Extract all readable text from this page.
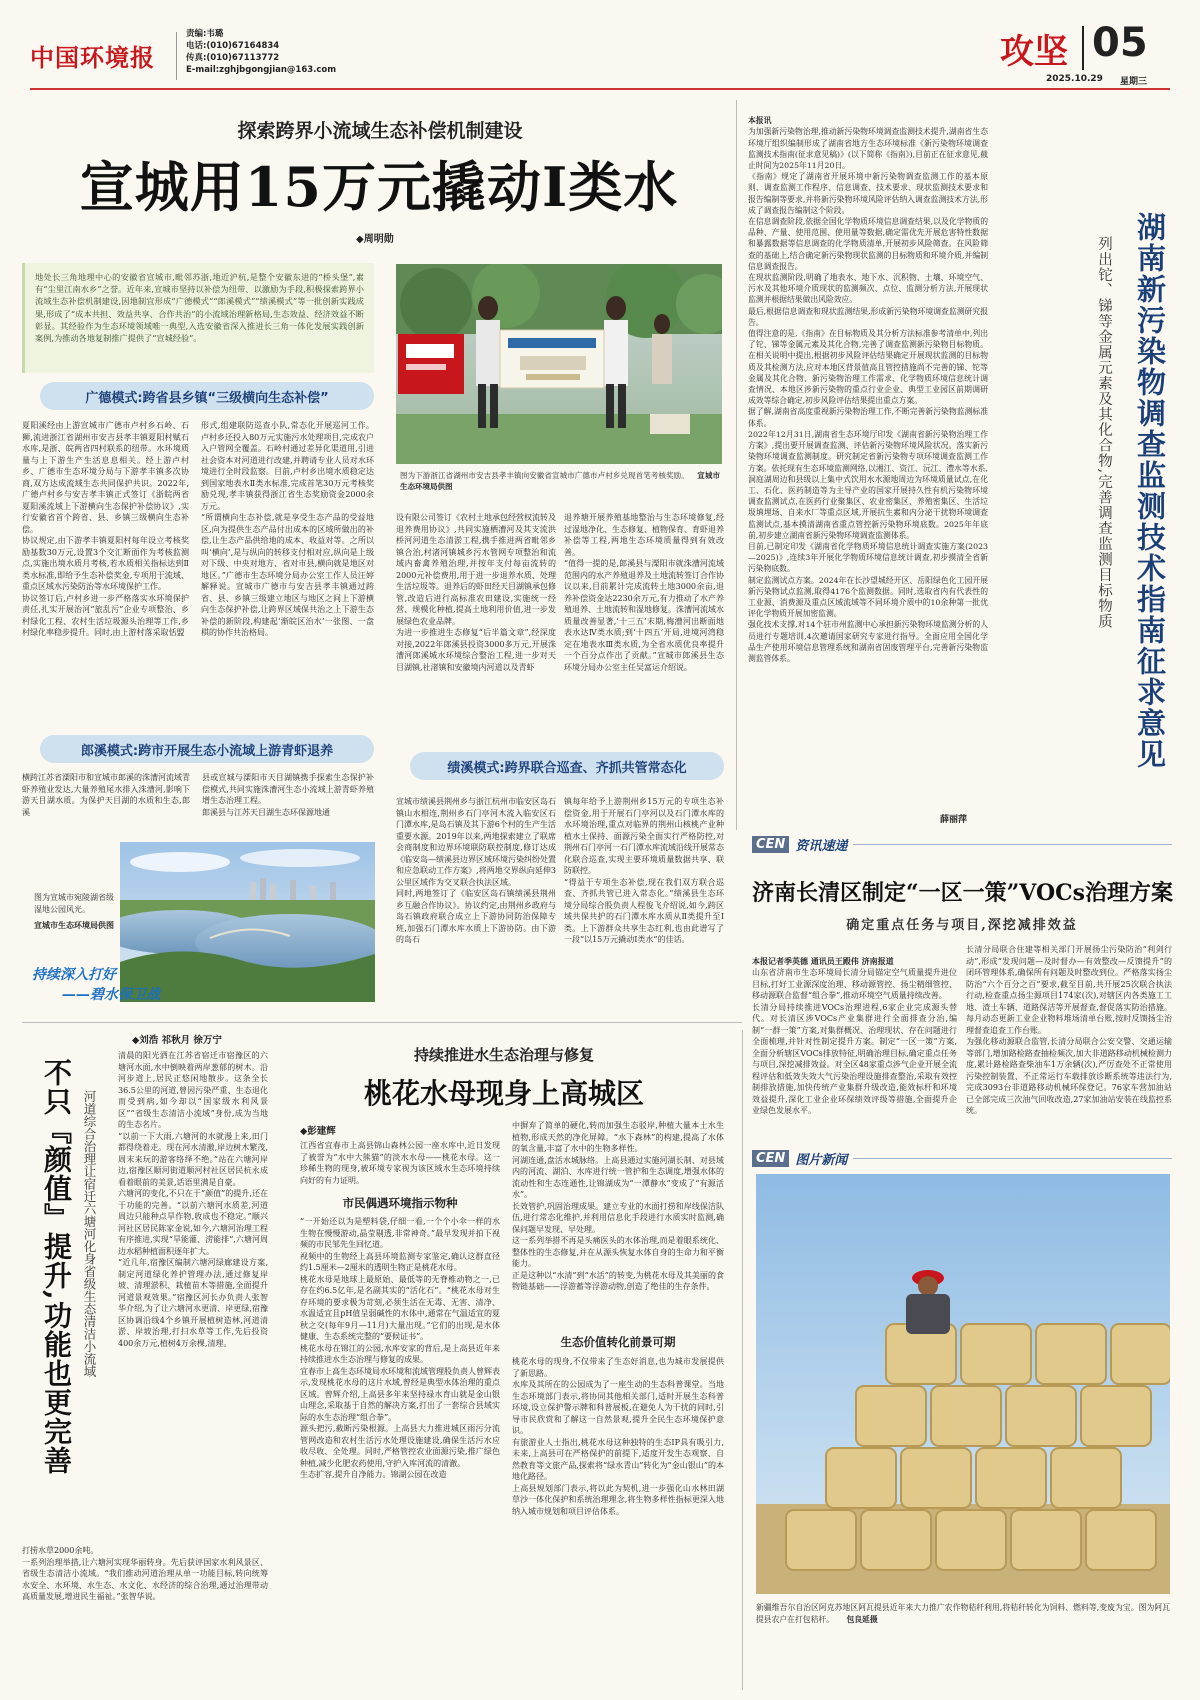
中国环境报
责编:韦璐
电话:(010)67164834
传真:(010)67113772
E-mail:zghjbgongjian@163.com	攻坚 05
2025.10.29 星期三
探索跨界小流域生态补偿机制建设
宣城用15万元撬动Ⅰ类水
◆周明勋
地处长三角地理中心的安徽省宣城市,毗邻苏浙,地近沪杭,是整个安徽东进的“桥头堡”,素有“尘里江南水乡”之誉。近年来,宣城市坚持以补偿为纽带、以激励为手段,积极探索跨界小流域生态补偿机制建设,因地制宜形成“广德模式”“郎溪模式”“绩溪模式”等一批创新实践成果,形成了“成本共担、效益共享、合作共治”的小流域治理新格局,生态效益、经济效益不断彰显。其经验作为生态环境领域唯一典型,入选安徽省深入推进长三角一体化发展实践创新案例,为推动各地复制推广提供了“宣城经验”。
图为下游浙江省湖州市安吉县孝丰镇向安徽省宣城市广德市卢村乡兑现首笔考核奖励。 宣城市生态环境局供图
广德模式:跨省县乡镇“三级横向生态补偿”
夏阳溪经由上游宣城市广德市卢村乡石岭、石狮,流进浙江省湖州市安吉县孝丰镇夏阳村赋石水库,是浙、皖两省四村联系的纽带。水环境质量与上下游生产生活息息相关。经上游卢村乡、广德市生态环境分局与下游孝丰镇多次协商,双方达成流域生态共同保护共识。2022年,广德卢村乡与安吉孝丰镇正式签订《浙皖两省夏阳溪流域上下游横向生态保护补偿协议》,实行安徽省首个跨省、县、乡镇三级横向生态补偿。
协议规定,由下游孝丰镇夏阳村每年设立考核奖励基数30万元,设置3个交汇断面作为考核监测点,实施出境水质月考核,若水质相关指标达到Ⅱ类水标准,即给予生态补偿奖金,专项用于流域、重点区域水污染防治等水环境保护工作。
协议签订后,卢村乡进一步严格落实水环境保护责任,扎实开展治河“旅乱污”企业专项整治、乡村绿化工程、农村生活垃圾源头治理等工作,乡村绿化率稳步提升。同时,由上游村落采取恬盟
形式,组建联防巡查小队,常态化开展巡河工作。卢村乡还投入80万元实施污水处理项目,完成农户入户管网全覆盖。石岭村通过差异化渠道用,引进社会资本对河道进行改建,并聘请专业人员对水环境进行全时段监察。目前,卢村乡出境水质稳定达到国家地表水Ⅱ类水标准,完成首笔30万元考核奖励兑现,孝丰镇获得浙江省生态奖励资金2000余万元。
“所谓横向生态补偿,就是享受生态产品的受益地区,向为提供生态产品付出成本的区域所做出的补偿,让生态产品供给地的成本、收益对等。之所以叫‘横向’,是与纵向的转移支付相对应,纵向是上级对下级、中央对地方、省对市县,横向就是地区对地区。”广德市生态环境分局办公室工作人员汪婷解释说。宣城市广德市与安吉县孝丰镇通过跨省、县、乡镇三级建立地区与地区之间上下游横向生态保护补偿,让跨界区域保共治之上下游生态补偿的新阶段,构建起‘渐皖区治水’一张图、一盘棋的协作共治格局。
设有限公司签订《农村土地承包经营权流转及退养费用协议》,共同实施栖漕河及其支流洪桥河河道生态清淤工程,携手推进两省毗邻乡镇合治,村渚河镇城乡污水管网专项整治和流域内畜禽养殖治理,并按年支付每亩流转的2000元补偿费用,用于进一步退养水质、处理生活垃圾等。退养后的虾田经天目湖镇承包修管,改造后进行高标准农田建设,实施统一经营、规模化种植,提高土地利用价值,进一步发展绿色农业品牌。
为进一步推进生态修复“后半篇文章”,经深度对接,2022年郎溪县投资3000多万元,开展洙漕河郎溪城水环境综合整治工程,进一步对天目湖镇,社渚镇和安徽境内河道以及青虾
退养塘开展养殖基地整治与生态环境修复,经过湿地净化、生态修复、植物保育、育虾退养补偿等工程,两地生态环境质量得到有效改善。
“值得一提的是,郎溪县与溧阳市就洙漕河流域范围内的水产养殖退养及土地流转签订合作协议以来,目前累计完成流转土地3000余亩,退养补偿资金达2230余万元,有力推动了水产养殖退养、土地流转和湿地修复。洙漕河流域水质量改善显著,‘十三五’末期,梅漕河出断面地表水达Ⅳ类水质;到‘十四五’开局,进境河湾稳定在地表水Ⅲ类水质,为全省水质优良率提升一个百分点作出了贡献。”宣城市郎溪县生态环境分局办公室主任吴富运介绍说。
郎溪模式:跨市开展生态小流域上游青虾退养
横跨江苏省溧阳市和宣城市郎溪的洙漕河流域青虾养殖业发达,大量养殖尾水排入洙漕河,影响下游天目湖水质。为保护天目湖的水质和生态,郎溪
县或宣城与溧阳市天目湖镇携手探索生态保护补偿模式,共同实施洙漕河生态小流域上游青虾养殖增生态治理工程。
郎溪县与江苏天目湖生态环保源地通
图为宣城市宛陵湖省级湿地公园风光。
宣城市生态环境局供图
持续深入打好
——碧水保卫战
绩溪模式:跨界联合巡查、齐抓共管常态化
宣城市绩溪县荆州乡与浙江杭州市临安区岛石镇山水相连,荆州乡石门亭河木流入临安区石门潭水库,是岛石镇及其下游6个村的生产生活重要水源。2019年以来,两地探索建立了联席会商制度和边界环境联防联控制度,修订达成《临安岛—绩溪县边界区域环境污染纠纷处置和应急联动工作方案》,将两地交界纵向延伸3公里区域作为交叉联合执法区域。
同时,两地签订了《临安区岛石镇绩溪县荆州乡互融合作协议》。协议约定,由荆州乡政府与岛石镇政府联合成立上下游协同防治保障专班,加强石门潭水库水质上下游协防。由下游的岛石
镇每年给予上游荆州乡15万元的专项生态补偿资金,用于开展石门亭河以及石门潭水库的水环境治理,重点对临界的荆州山核桃产业种植水土保持、面源污染全面实行严格防控,对荆州石门亭河一石门潭水库流域沿线开展常态化联合巡查,实现主要环境质量数据共享、联防联控。
“得益于专项生态补偿,现在我们双方联合巡查、齐抓共管已进入常态化。”绩溪县生态环境分局综合股负责人程俊飞介绍说,如今,跨区域共保共护的石门潭水库水质从Ⅱ类提升至Ⅰ类。上下游群众共享生态红利,也由此谱写了一段“以15万元撬动Ⅰ类水”的佳话。

本报讯
为加强新污染物治理,推动新污染物环境调查监测技术提升,湖南省生态环境厅组织编制形成了湖南省地方生态环境标准《新污染物环境调查监测技术指南(征求意见稿)》(以下简称《指南》),目前正在征求意见,截止时间为2025年11月20日。
《指南》规定了湖南省开展环境中新污染物调查监测工作的基本原则、调查监测工作程序、信息调查、技术要求、现状监测技术要求和报告编制等要求,并将新污染物环境风险评估纳入调查监测技术方法,形成了调查报告编制这个阶段。
在信息调查阶段,依据全国化学物质环境信息调查结果,以及化学物质的品种、产量、使用范围、使用量等数据,确定需优先开展危害特性数据和暴露数据等信息调查的化学物质清单,开展初步风险筛查。在风险筛查的基础上,结合确定新污染物现状监测的目标物质和环境介质,并编制信息调查报告。
在现状监测阶段,明确了地表水、地下水、沉积物、土壤、环境空气、污水及其他环境介质现状的监测频次、点位、监测分析方法,开展现状监测并根据结果做出风险效应。
最后,根据信息调查和现状监测结果,形成新污染物环境调查监测研究报告。
值得注意的是,《指南》在目标物质及其分析方法标准参考清单中,列出了铊、锑等金属元素及其化合物,完善了调查监测新污染物目标物质。在相关说明中提出,根据初步风险评估结果确定开展现状监测的目标物质及其检测方法,应对本地区背景值高且管控措施尚不完善的锑、铊等金属及其化合物、新污染物治理工作需求、化学物质环境信息统计调查情况、本地区涉新污染物的重点行业企业、典型工业园区前期调研成效等综合确定,初步风险评估结果提出重点方案。
据了解,湖南省高度重视新污染物治理工作,不断完善新污染物监测标准体系。
2022年12月31日,湖南省生态环境厅印发《湖南省新污染物治理工作方案》,提出要开展调查监测、评估新污染物环境风险状况。落实新污染物环境调查监测制度。研究制定省新污染物专项环境调查监测工作方案。依托现有生态环境监测网络,以湘江、资江、沅江、澧水等水系,洞庭湖周边和县级以上集中式饮用水水源地周边为环境质量试点,在化工、石化、医药制造等为主导产业的国家开展持久性有机污染物环境调查监测试点,在医药行业聚集区、农业密集区、养殖密集区、生活垃圾填埋场、自来水厂等重点区域,开展抗生素和内分泌干扰物环境调查监测试点,基本摸清湖南省重点管控新污染物环境底数。2025年年底前,初步建立湖南省新污染物环境调查监测体系。
目前,已制定印发《湖南省化学物质环境信息统计调查实施方案(2023—2025)》,连续3年开展化学物质环境信息统计调查,初步摸清全省新污染物底数。
制定监测试点方案。2024年在长沙望城经开区、岳阳绿色化工园开展新污染物试点监测,取得4176个监测数据。同时,选取省内有代表性的工业源、消费源及重点区域流域等不同环境介质中的10余种第一批优评化学物质开展加密监测。
强化技术支撑,对14个驻市州监测中心承担新污染物环境监测分析的人员进行专题培训,4次邀请国家研究专家进行指导。全面应用全国化学品生产使用环境信息管理系统和湖南省固废管理平台,完善新污染物监测监管体系。

薛丽萍
湖南新污染物调查监测技术指南征求意见
列出铊、锑等金属元素及其化合物,完善调查监测目标物质
CEN 资讯速递
济南长清区制定“一区一策”VOCs治理方案
确定重点任务与项目,深挖减排效益

本报记者季英德 通讯员王殿伟 济南报道
山东省济南市生态环境局长清分局锚定空气质量提升进位目标,打好工业源深度治理、移动源管控、扬尘精细管控、移动源联合监督“组合拳”,推动环境空气质量持续改善。
长清分局持续推进VOCs治理进程,6家企业完成源头替代。对长清区涉VOCs产业集群进行全面排查分治,编制“一群一策”方案,对集群概况、治理现状、存在问题进行全面梳理,并针对性制定提升方案。制定“一区一策”方案,全面分析辖区VOCs排放特征,明确治理目标,确定重点任务与项目,深挖减排效益。对全区48家重点涉气企业开展全流程评估和低效失效大气污染治理设施排查整治,采取有效控制排放措施,加快传统产业集群升级改造,能效标杆和环境效益提升,深化工业企业环保绩效评级等措施,全面提升企业绿色发展水平。

长清分局联合住建等相关部门开展扬尘污染防治“利剑行动”,形成“发现问题—及时督办—有效整改—反馈提升”的闭环管理体系,确保所有问题及时整改到位。严格落实扬尘防治“六个百分之百”要求,截至目前,共开展25次联合执法行动,检查重点扬尘源项目174家(次),对辖区内各类施工工地、渣土车辆、道路保洁等开展督查,督促落实防治措施。每月动态更新工业企业物料堆场清单台账,按时反馈扬尘治理督查追查工作台账。
为强化移动源联合监管,长清分局联合公安交警、交通运输等部门,增加路检路查抽检频次,加大非道路移动机械检测力度,累计路检路查柴油车1万余辆(次),严厉查处不正常使用污染控制装置、不正常运行车载排放诊断系统等违法行为,完成3093台非道路移动机械环保登记。76家车营加油站已全部完成三次油气回收改造,27家加油站安装在线监控系统。
CEN 图片新闻
新疆维吾尔自治区阿克苏地区阿瓦提县近年来大力推广农作物秸秆利用,将秸秆转化为饲料、燃料等,变废为宝。图为阿瓦提县农户在打包秸秆。 包良延摄
◆刘浩 祁秋月 徐万宁
不只『颜值』提升,功能也更完善 河道综合治理让宿迁六塘河化身省级生态清洁小流域
清晨的阳光洒在江苏省宿迁市宿豫区的六塘河水面,水中倒映着两岸葱郁的树木。沿河步道上,居民正悠闲地散步。这条全长36.5公里的河道,曾因污染严重、生态退化而受到病,如今却以“国家级水利风景区”“省级生态清洁小流域”身份,成为当地的生态名片。
“以前一下大雨,六塘河的水就漫上来,田门都得绕着走。现在河水清澈,岸边树木繁茂,周末来玩的游客络绎不绝。”站在六塘河岸边,宿豫区顺河街道顺河村社区居民杭永成看着眼前的美景,话语里满是自豪。
六塘河的变化,不只在于“颜值”的提升,还在于功能的完善。“以前六塘河水质差,河道周边只能种点旱作物,收成也不稳定。”顺兴河社区居民陈家金说,如今,六塘河治理工程有序推进,实现“旱能灌、涝能排”,六塘河周边水稻种植面积逐年扩大。
“近几年,宿豫区编制六塘河绿廊建设方案,制定河道绿化养护管理办法,通过修复岸坡、清理淤积、栽植苗木等措施,全面提升河道景观效果。”宿豫区河长办负责人张智华介绍,为了让六塘河水更清、岸更绿,宿豫区协调沿线4个乡镇开展植树造林,河道清淤、岸坡治理,打扫水草等工作,先后投资400余万元,植树4万余棵,清理。
打捞水草2000余吨。
一系列治理举措,让六塘河实现华丽转身。先后获评国家水利风景区、省级生态清洁小流域。“我们推动河道治理从单一功能目标,转向统筹水安全、水环境、水生态、水文化、水经济的综合治理,通过治理带动高质量发展,增进民生福祉。”张智华说。
持续推进水生态治理与修复
桃花水母现身上高城区
◆彭建辉
江西省宜春市上高县锦山森林公园一座水库中,近日发现了被誉为“水中大熊猫”的淡水水母——桃花水母。这一珍稀生物的现身,被环境专家视为该区域水生态环境持续向好的有力证明。
市民偶遇环境指示物种
“一开始还以为是塑料袋,仔细一看,一个个小伞一样的水生物在慢慢游动,晶莹剔透,非常神奇。”最早发现并拍下视频的市民邹先生回忆道。
视频中的生物经上高县环境监测专家鉴定,确认这群直径约1.5厘米—2厘米的透明生物正是桃花水母。
桃花水母是地球上最原始、最低等的无脊椎动物之一,已存在约6.5亿年,是名副其实的“活化石”。“桃花水母对生存环境的要求极为苛刻,必须生活在无毒、无害、清净、水温适宜且pH值呈弱碱性的水体中,通常在气温适宜的夏秋之交(每年9月—11月)大量出现。”它们的出现,是水体健康、生态系统完整的“要候证书”。
桃花水母在锦江的公园,水库安家的背后,是上高县近年来持续推进水生态治理与修复的成果。
宜春市上高生态环境局水环境和流域管理股负责人曾辉表示,发现桃花水母的这片水域,曾经是典型水体治理的重点区域。曾辉介绍,上高县多年来坚持禄水育山就是金山银山理念,采取基于自然的解决方案,打出了一套综合县域实际的水生态治理“组合拳”。
源头把污,截断污染根源。上高县大力推进城区雨污分流管网改造和农村生活污水处理设施建设,确保生活污水应收尽收、全处理。同时,严格管控农业面源污染,推广绿色种植,减少化肥农药使用,守护入库河流的清澈。
生态扩容,提升自净能力。锦湖公园在改造
中摒弃了简单的硬化,转而加强生态驳岸,种植大量本土水生植物,形成天然的净化屏障。“水下森林”的构建,提高了水体的氧含量,丰富了水中的生物多样性。
河湖连通,盘活水城脉络。上高县通过实施河湖长制、对县域内的河流、湖泊、水库进行统一管护和生态调度,增强水体的流动性和生态连通性,让锦湖成为“一潭静水”变成了“有源活水”。
长效管护,巩固治理成果。建立专业的水面打捞和岸线保洁队伍,进行常态化维护,并利用信息化手段进行水质实时监测,确保问题早发现、早处理。
这一系列举措不再是头痛医头的水体治理,而是着眼系统化、整体性的生态修复,并在从源头恢复水体自身的生命力和平衡能力。
正是这种以“水清”到“水活”的转变,为桃花水母及其美丽的食物链基础——浮游蓄等浮游动物,创造了绝佳的生存条件。
生态价值转化前景可期
桃花水母的现身,不仅带来了生态好消息,也为城市发展提供了新思路。
水库及其所在的公园成为了一座生动的生态科普课堂。当地生态环境部门表示,将协同其他相关部门,适时开展生态科普环境,设立保护警示牌和科普展板,在避免人为干扰的同时,引导市民欣赏和了解这一自然景观,提升全民生态环境保护意识。
有旅游业人士指出,桃花水母这种独特的生态IP具有吸引力,未来,上高县可在严格保护的前提下,适度开发生态观察、自然教育等文旅产品,探索将“绿水青山”转化为“金山银山”的本地化路径。
上高县规划部门表示,将以此为契机,进一步强化山水林田湖草沙一体化保护和系统治理理念,将生物多样性指标更深入地纳入城市规划和项目评估体系。
